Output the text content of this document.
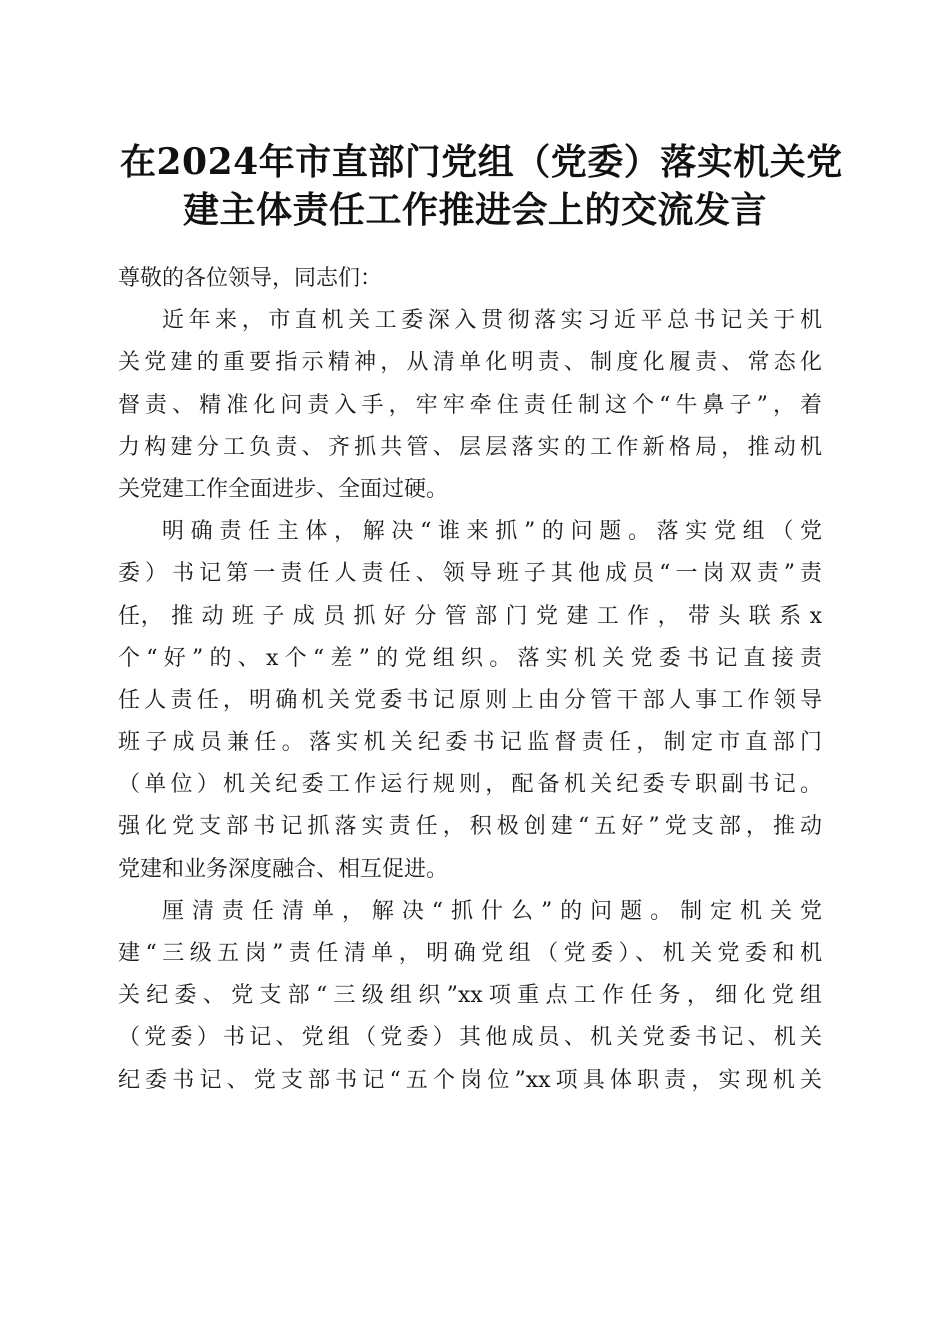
在2024年市直部门党组（党委）落实机关党
建主体责任工作推进会上的交流发言

尊敬的各位领导，同志们：

近年来，市直机关工委深入贯彻落实习近平总书记关于机
关党建的重要指示精神，从清单化明责、制度化履责、常态化
督责、精准化问责入手，牢牢牵住责任制这个“牛鼻子”，着
力构建分工负责、齐抓共管、层层落实的工作新格局，推动机
关党建工作全面进步、全面过硬。
明确责任主体，解决“谁来抓”的问题。落实党组（党
委）书记第一责任人责任、领导班子其他成员“一岗双责”责
任， 推 动 班 子 成 员 抓 好 分 管 部 门 党 建 工 作 ， 带 头 联 系 x
个“好”的、x个“差”的党组织。落实机关党委书记直接责
任人责任，明确机关党委书记原则上由分管干部人事工作领导
班子成员兼任。落实机关纪委书记监督责任，制定市直部门
（单位）机关纪委工作运行规则，配备机关纪委专职副书记。
强化党支部书记抓落实责任，积极创建“五好”党支部，推动
党建和业务深度融合、相互促进。
厘清责任清单，解决“抓什么”的问题。制定机关党
建“三级五岗”责任清单，明确党组（党委）、机关党委和机
关纪委、党支部“三级组织”xx项重点工作任务，细化党组
（党委）书记、党组（党委）其他成员、机关党委书记、机关
纪委书记、党支部书记“五个岗位”xx项具体职责，实现机关
